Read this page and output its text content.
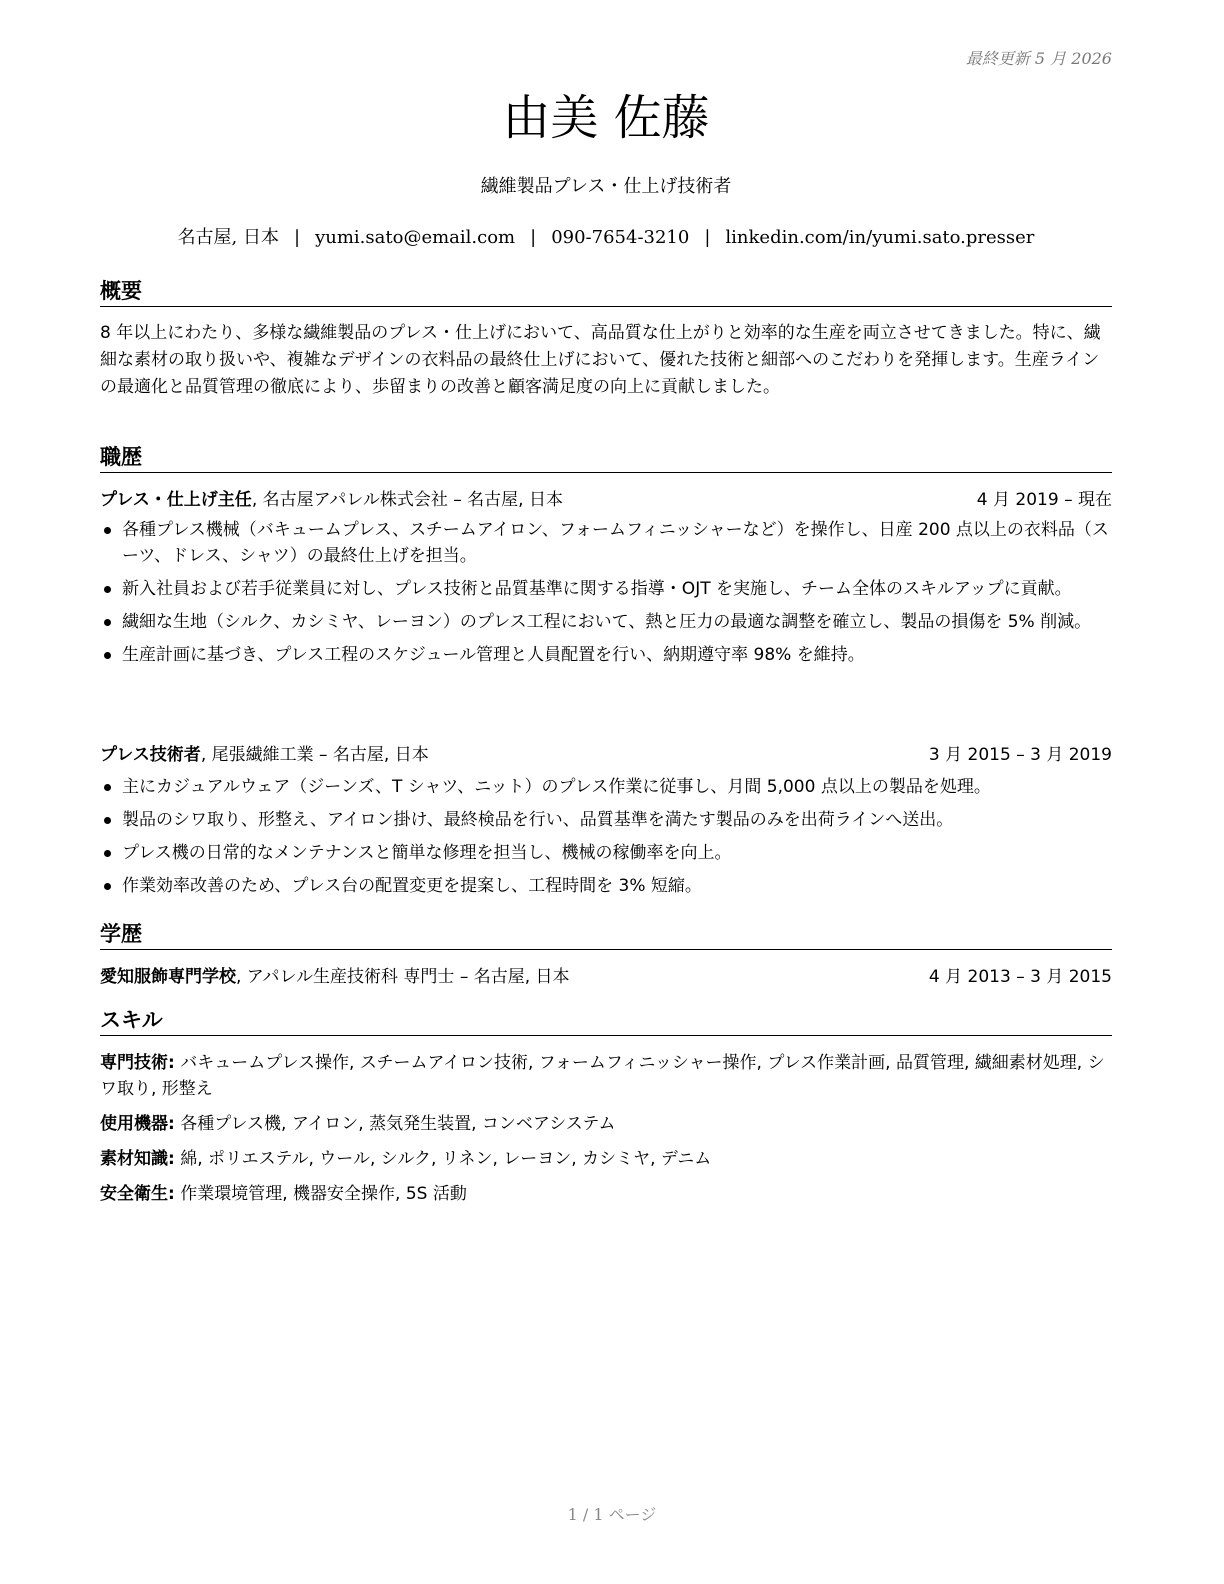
最終更新 5 月 2026
由美 佐藤
繊維製品プレス・仕上げ技術者
名古屋, 日本 | yumi.sato@email.com | 090-7654-3210 | linkedin.com/in/yumi.sato.presser
概要
8 年以上にわたり、多様な繊維製品のプレス・仕上げにおいて、高品質な仕上がりと効率的な生産を両立させてきました。特に、繊細な素材の取り扱いや、複雑なデザインの衣料品の最終仕上げにおいて、優れた技術と細部へのこだわりを発揮します。生産ラインの最適化と品質管理の徹底により、歩留まりの改善と顧客満足度の向上に貢献しました。
職歴
プレス・仕上げ主任, 名古屋アパレル株式会社 – 名古屋, 日本	4 月 2019 – 現在
各種プレス機械（バキュームプレス、スチームアイロン、フォームフィニッシャーなど）を操作し、日産 200 点以上の衣料品（スーツ、ドレス、シャツ）の最終仕上げを担当。
新入社員および若手従業員に対し、プレス技術と品質基準に関する指導・OJT を実施し、チーム全体のスキルアップに貢献。
繊細な生地（シルク、カシミヤ、レーヨン）のプレス工程において、熱と圧力の最適な調整を確立し、製品の損傷を 5% 削減。
生産計画に基づき、プレス工程のスケジュール管理と人員配置を行い、納期遵守率 98% を維持。
プレス技術者, 尾張繊維工業 – 名古屋, 日本	3 月 2015 – 3 月 2019
主にカジュアルウェア（ジーンズ、T シャツ、ニット）のプレス作業に従事し、月間 5,000 点以上の製品を処理。
製品のシワ取り、形整え、アイロン掛け、最終検品を行い、品質基準を満たす製品のみを出荷ラインへ送出。
プレス機の日常的なメンテナンスと簡単な修理を担当し、機械の稼働率を向上。
作業効率改善のため、プレス台の配置変更を提案し、工程時間を 3% 短縮。
学歴
愛知服飾専門学校, アパレル生産技術科 専門士 – 名古屋, 日本	4 月 2013 – 3 月 2015
スキル
専門技術: バキュームプレス操作, スチームアイロン技術, フォームフィニッシャー操作, プレス作業計画, 品質管理, 繊細素材処理, シワ取り, 形整え
使用機器: 各種プレス機, アイロン, 蒸気発生装置, コンベアシステム
素材知識: 綿, ポリエステル, ウール, シルク, リネン, レーヨン, カシミヤ, デニム
安全衛生: 作業環境管理, 機器安全操作, 5S 活動
1 / 1 ページ
